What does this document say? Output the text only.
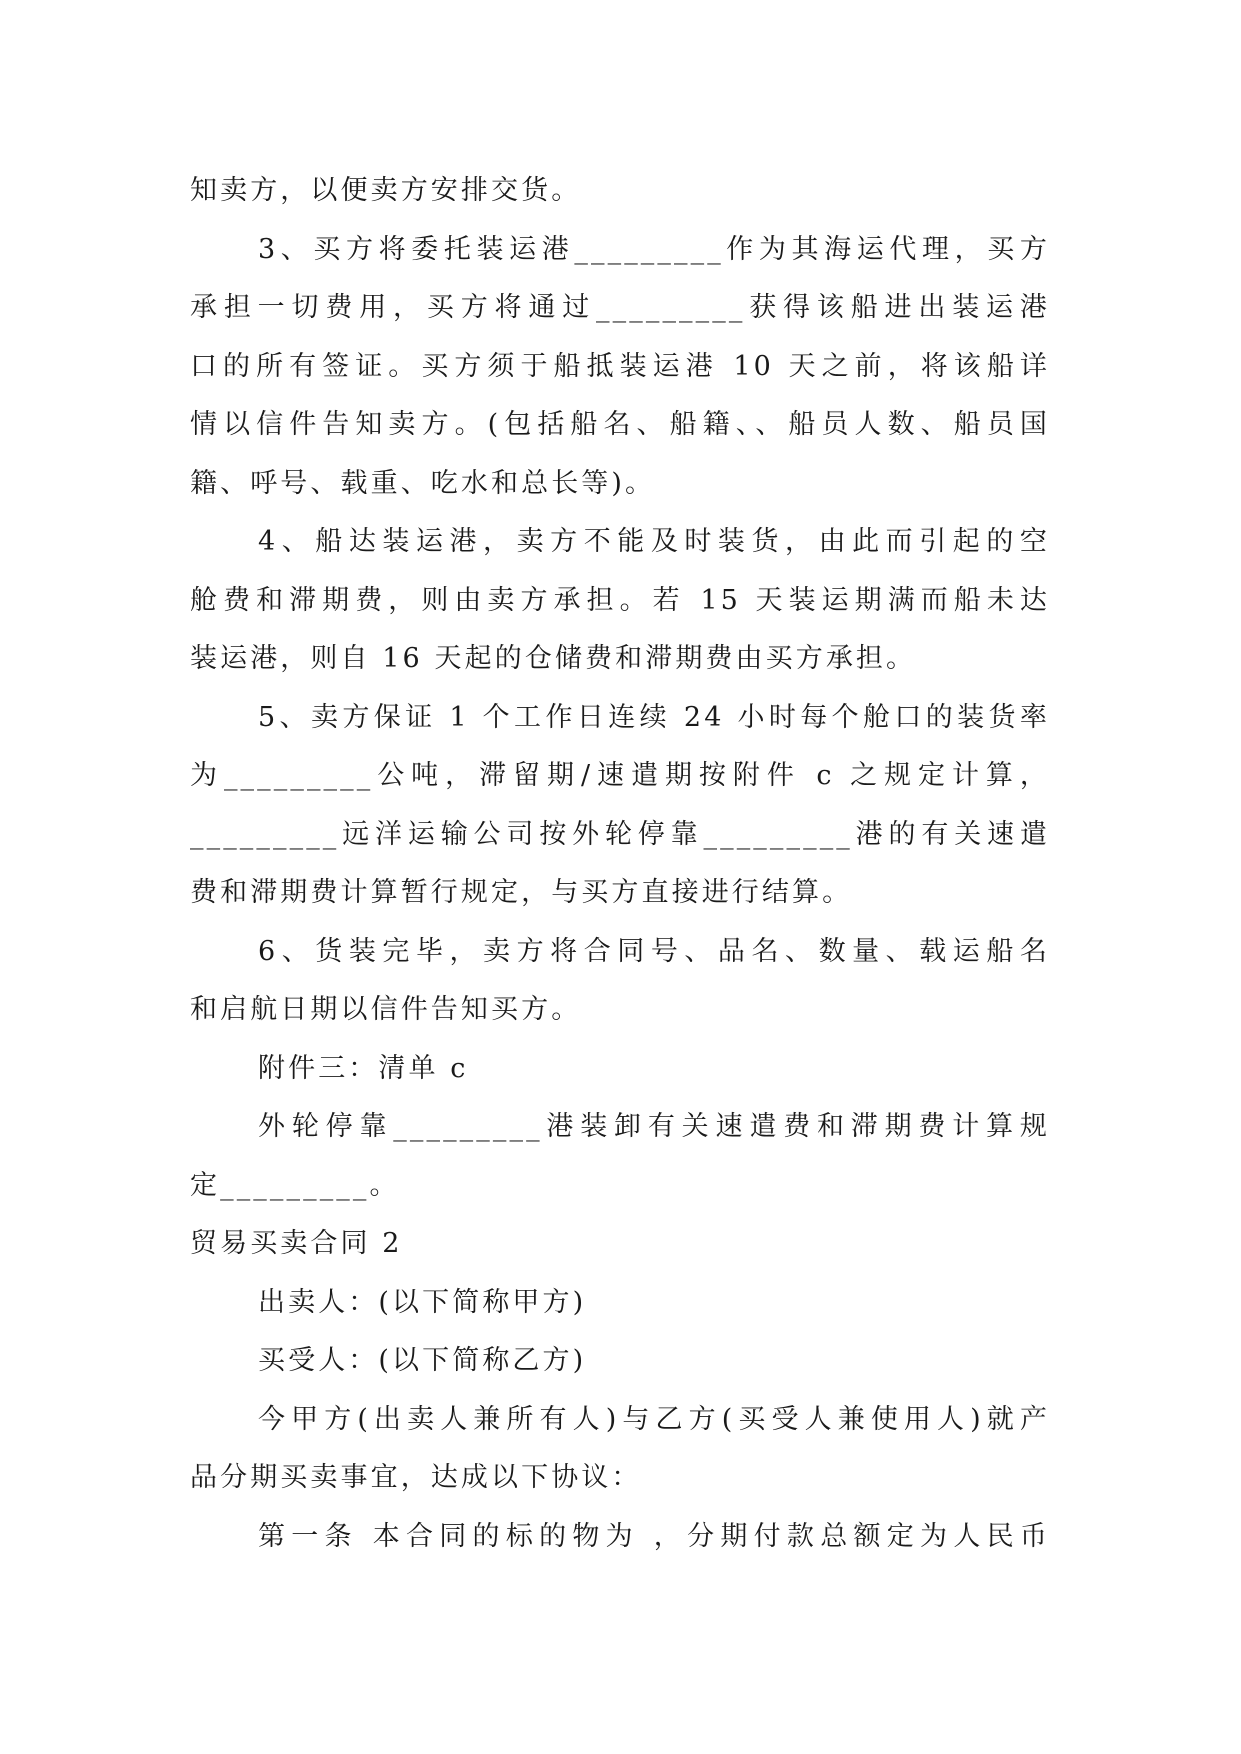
知卖方，以便卖方安排交货。
3、买方将委托装运港_________作为其海运代理，买方
承担一切费用，买方将通过_________获得该船进出装运港
口的所有签证。买方须于船抵装运港 10 天之前，将该船详
情以信件告知卖方。(包括船名、船籍、、船员人数、船员国
籍、呼号、载重、吃水和总长等)。
4、船达装运港，卖方不能及时装货，由此而引起的空
舱费和滞期费，则由卖方承担。若 15 天装运期满而船未达
装运港，则自 16 天起的仓储费和滞期费由买方承担。
5、卖方保证 1 个工作日连续 24 小时每个舱口的装货率
为_________公吨，滞留期/速遣期按附件 c 之规定计算，
_________远洋运输公司按外轮停靠_________港的有关速遣
费和滞期费计算暂行规定，与买方直接进行结算。
6、货装完毕，卖方将合同号、品名、数量、载运船名
和启航日期以信件告知买方。
附件三：清单 c
外轮停靠_________港装卸有关速遣费和滞期费计算规
定_________。
贸易买卖合同 2
出卖人：(以下简称甲方)
买受人：(以下简称乙方)
今甲方(出卖人兼所有人)与乙方(买受人兼使用人)就产
品分期买卖事宜，达成以下协议：
第一条 本合同的标的物为 ，分期付款总额定为人民币
